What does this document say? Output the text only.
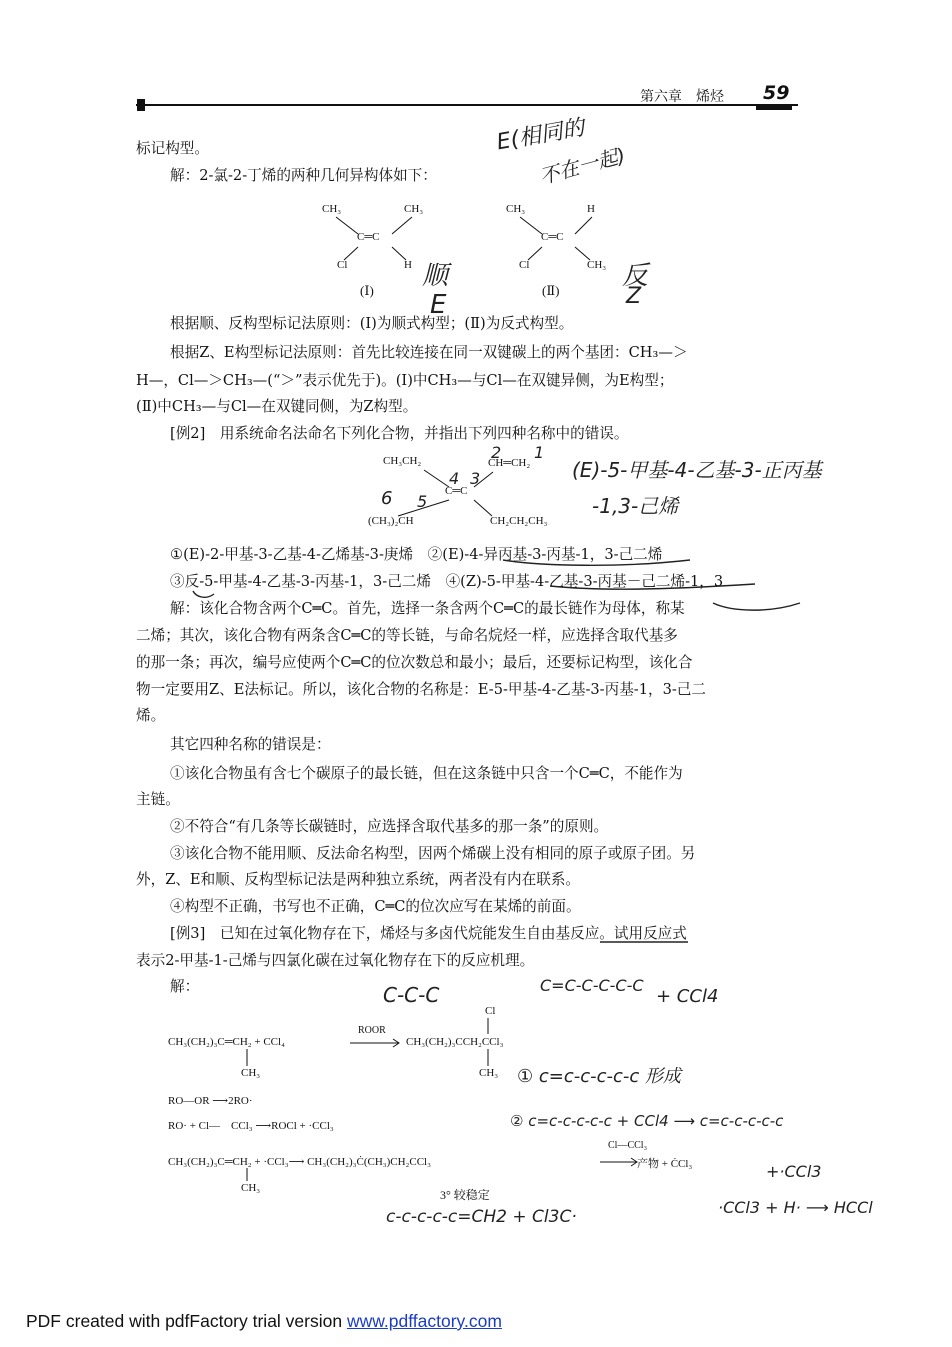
第六章　烯烃 59
标记构型。
解：2-氯-2-丁烯的两种几何异构体如下：
CH₃	CH₃
C═C
Cl	H
(Ⅰ)
CH₃	H
C═C
Cl	CH₃
(Ⅱ)
根据顺、反构型标记法原则：(Ⅰ)为顺式构型；(Ⅱ)为反式构型。
根据Z、E构型标记法原则：首先比较连接在同一双键碳上的两个基团：CH₃—＞
H—，Cl—＞CH₃—(“＞”表示优先于)。(Ⅰ)中CH₃—与Cl—在双键异侧，为E构型；
(Ⅱ)中CH₃—与Cl—在双键同侧，为Z构型。
[例2]　用系统命名法命名下列化合物，并指出下列四种名称中的错误。
CH₃CH₂	CH═CH₂
C═C
(CH₃)₂CH	CH₂CH₂CH₃
①(E)-2-甲基-3-乙基-4-乙烯基-3-庚烯　②(E)-4-异丙基-3-丙基-1，3-己二烯
③反-5-甲基-4-乙基-3-丙基-1，3-己二烯　④(Z)-5-甲基-4-乙基-3-丙基－己二烯-1，3
解：该化合物含两个C═C。首先，选择一条含两个C═C的最长链作为母体，称某
二烯；其次，该化合物有两条含C═C的等长链，与命名烷烃一样，应选择含取代基多
的那一条；再次，编号应使两个C═C的位次数总和最小；最后，还要标记构型，该化合
物一定要用Z、E法标记。所以，该化合物的名称是：E-5-甲基-4-乙基-3-丙基-1，3-己二
烯。
其它四种名称的错误是：
①该化合物虽有含七个碳原子的最长链，但在这条链中只含一个C═C，不能作为
主链。
②不符合“有几条等长碳链时，应选择含取代基多的那一条”的原则。
③该化合物不能用顺、反法命名构型，因两个烯碳上没有相同的原子或原子团。另
外，Z、E和顺、反构型标记法是两种独立系统，两者没有内在联系。
④构型不正确，书写也不正确，C═C的位次应写在某烯的前面。
[例3]　已知在过氧化物存在下，烯烃与多卤代烷能发生自由基反应。试用反应式
表示2-甲基-1-己烯与四氯化碳在过氧化物存在下的反应机理。
解：
Cl
ROOR
CH₃(CH₂)₃C═CH₂ + CCl₄	CH₃(CH₂)₃CCH₂CCl₃
CH₃	CH₃
RO—OR ⟶2RO·
RO· + Cl—　CCl₃ ⟶ROCl + ·CCl₃
Cl—CCl₃
CH₃(CH₂)₃C═CH₂ + ·CCl₃⟶ CH₃(CH₂)₃Ċ(CH₃)CH₂CCl₃	产物 + ĊCl₃
CH₃	3° 较稳定
E(相同的
不在一起)
顺
E
反
Z
(E)-5-甲基-4-乙基-3-正丙基
-1,3-己烯
C-C-C	C=C-C-C-C-C
+ CCl4
① c=c-c-c-c-c 形成
② c=c-c-c-c-c + CCl4 ⟶ c=c-c-c-c-c
+·CCl3
·CCl3 + H· ⟶ HCCl
c-c-c-c-c=CH2 + Cl3C·
6 5
4 3
2 1
PDF created with pdfFactory trial version www.pdffactory.com
